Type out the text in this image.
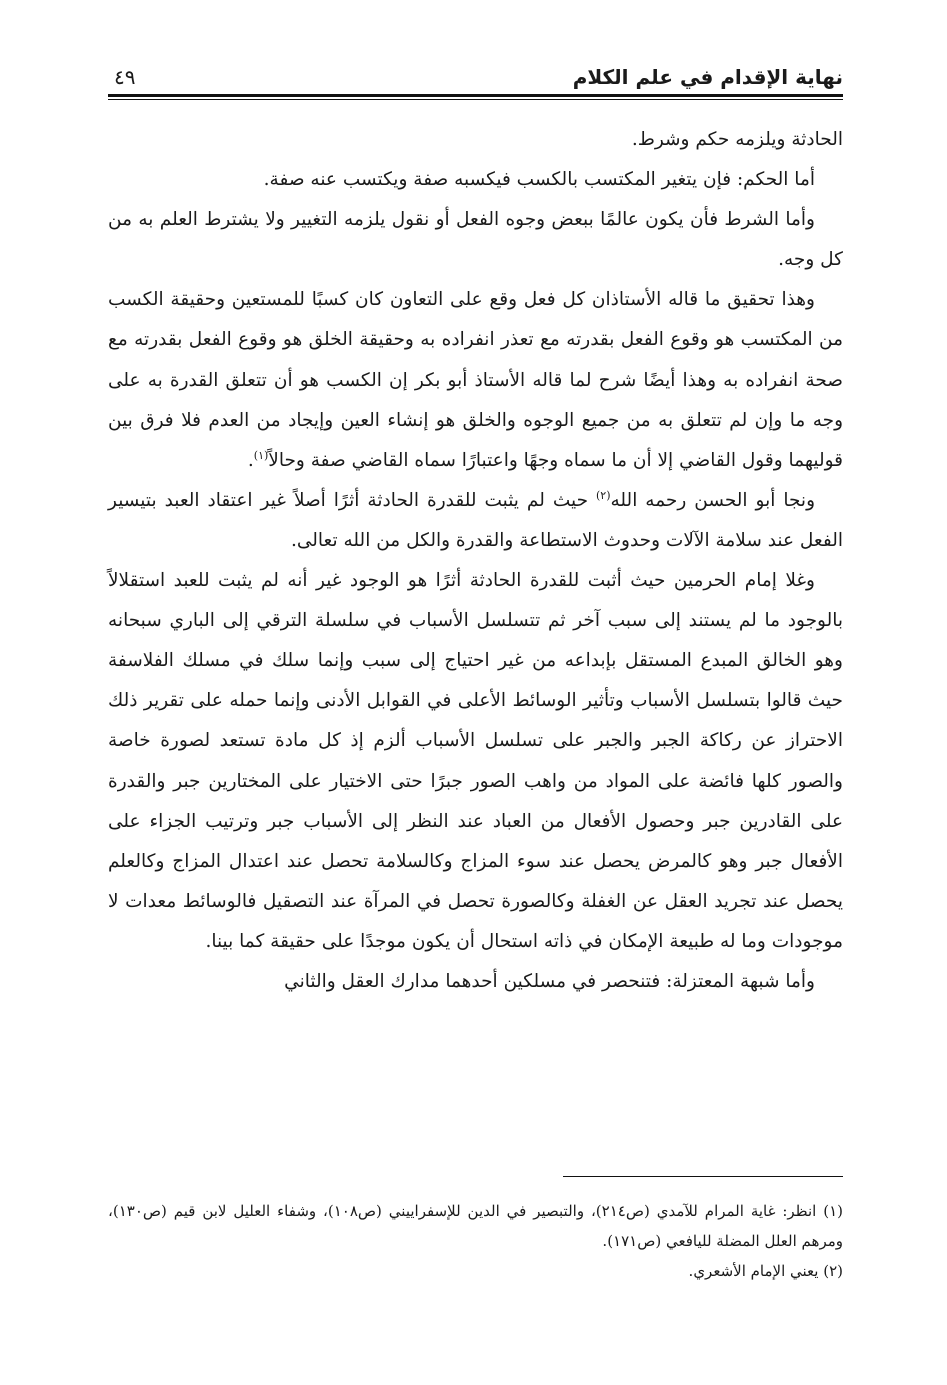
نهاية الإقدام في علم الكلام
٤٩

الحادثة ويلزمه حكم وشرط.

أما الحكم: فإن يتغير المكتسب بالكسب فيكسبه صفة ويكتسب عنه صفة.

وأما الشرط فأن يكون عالمًا ببعض وجوه الفعل أو نقول يلزمه التغيير ولا يشترط العلم به من كل وجه.

وهذا تحقيق ما قاله الأستاذان كل فعل وقع على التعاون كان كسبًا للمستعين وحقيقة الكسب من المكتسب هو وقوع الفعل بقدرته مع تعذر انفراده به وحقيقة الخلق هو وقوع الفعل بقدرته مع صحة انفراده به وهذا أيضًا شرح لما قاله الأستاذ أبو بكر إن الكسب هو أن تتعلق القدرة به على وجه ما وإن لم تتعلق به من جميع الوجوه والخلق هو إنشاء العين وإيجاد من العدم فلا فرق بين قوليهما وقول القاضي إلا أن ما سماه وجهًا واعتبارًا سماه القاضي صفة وحالاً$^{(١)}$.

ونجا أبو الحسن رحمه الله$^{(٢)}$ حيث لم يثبت للقدرة الحادثة أثرًا أصلاً غير اعتقاد العبد بتيسير الفعل عند سلامة الآلات وحدوث الاستطاعة والقدرة والكل من الله تعالى.

وغلا إمام الحرمين حيث أثبت للقدرة الحادثة أثرًا هو الوجود غير أنه لم يثبت للعبد استقلالاً بالوجود ما لم يستند إلى سبب آخر ثم تتسلسل الأسباب في سلسلة الترقي إلى الباري سبحانه وهو الخالق المبدع المستقل بإبداعه من غير احتياج إلى سبب وإنما سلك في مسلك الفلاسفة حيث قالوا بتسلسل الأسباب وتأثير الوسائط الأعلى في القوابل الأدنى وإنما حمله على تقرير ذلك الاحتراز عن ركاكة الجبر والجبر على تسلسل الأسباب ألزم إذ كل مادة تستعد لصورة خاصة والصور كلها فائضة على المواد من واهب الصور جبرًا حتى الاختيار على المختارين جبر والقدرة على القادرين جبر وحصول الأفعال من العباد عند النظر إلى الأسباب جبر وترتيب الجزاء على الأفعال جبر وهو كالمرض يحصل عند سوء المزاج وكالسلامة تحصل عند اعتدال المزاج وكالعلم يحصل عند تجريد العقل عن الغفلة وكالصورة تحصل في المرآة عند التصقيل فالوسائط معدات لا موجودات وما له طبيعة الإمكان في ذاته استحال أن يكون موجدًا على حقيقة كما بينا.

وأما شبهة المعتزلة: فتنحصر في مسلكين أحدهما مدارك العقل والثاني

(١) انظر: غاية المرام للآمدي (ص٢١٤)، والتبصير في الدين للإسفراييني (ص١٠٨)، وشفاء العليل لابن قيم (ص١٣٠)، ومرهم العلل المضلة لليافعي (ص١٧١).

(٢) يعني الإمام الأشعري.
